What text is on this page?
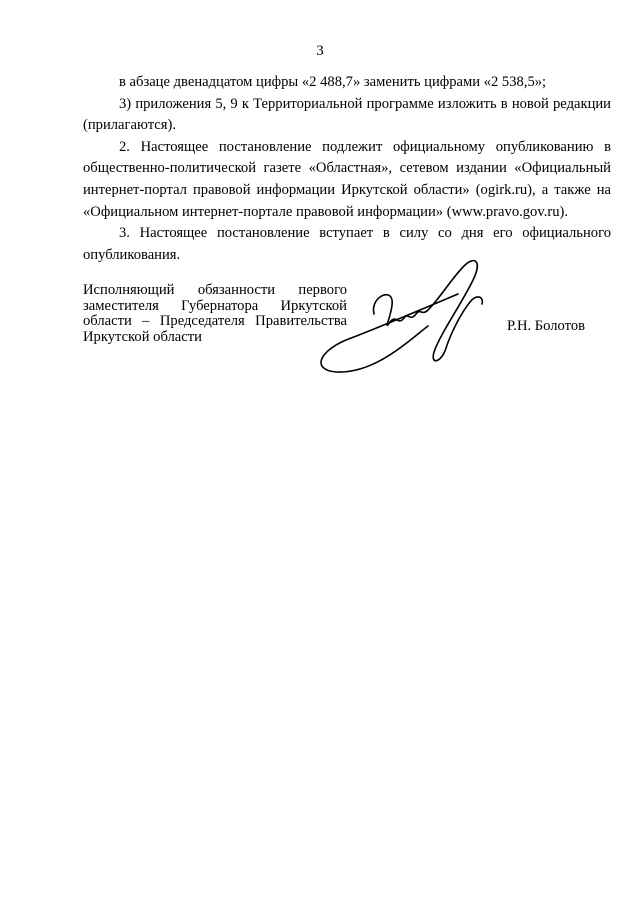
3

в абзаце двенадцатом цифры «2 488,7» заменить цифрами «2 538,5»;

3) приложения 5, 9 к Территориальной программе изложить в новой редакции (прилагаются).

2. Настоящее постановление подлежит официальному опубликованию в общественно-политической газете «Областная», сетевом издании «Официальный интернет-портал правовой информации Иркутской области» (ogirk.ru), а также на «Официальном интернет-портале правовой информации» (www.pravo.gov.ru).

3. Настоящее постановление вступает в силу со дня его официального опубликования.

Исполняющий обязанности первого
заместителя Губернатора Иркутской
области – Председателя Правительства
Иркутской области
Р.Н. Болотов
